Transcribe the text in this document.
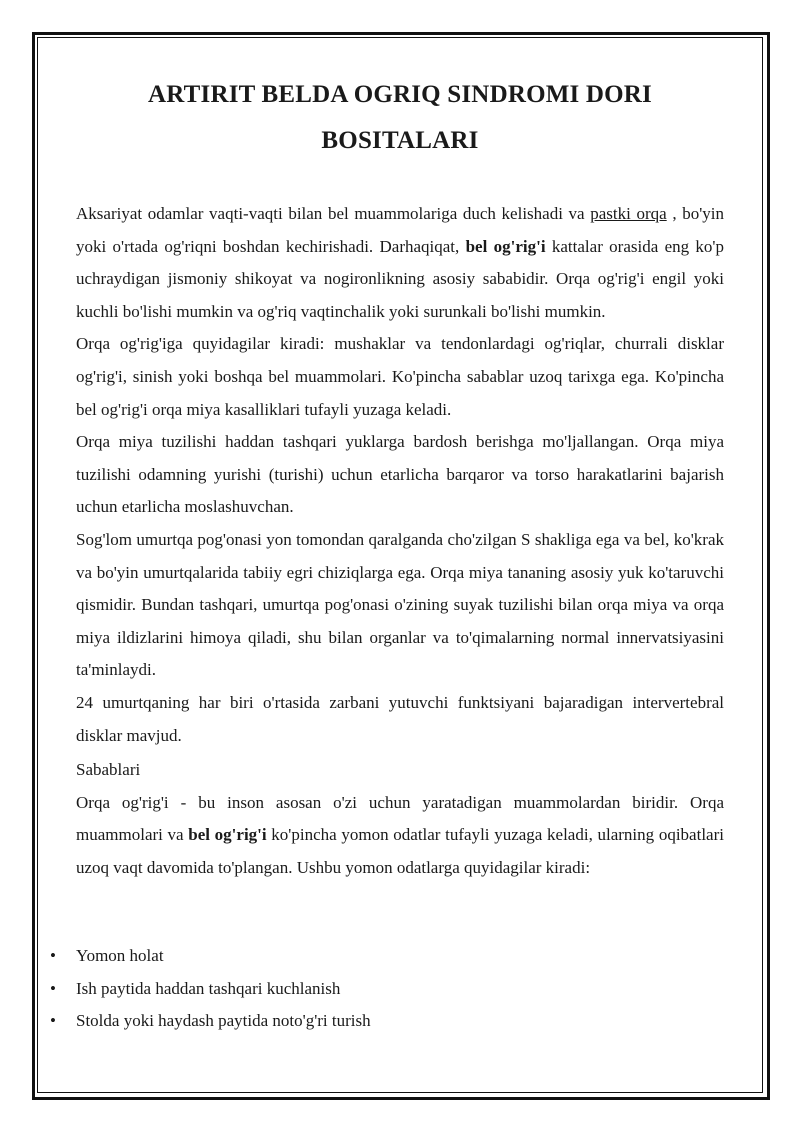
ARTIRIT BELDA OGRIQ SINDROMI DORI BOSITALARI

Aksariyat odamlar vaqti-vaqti bilan bel muammolariga duch kelishadi va pastki orqa , bo'yin yoki o'rtada og'riqni boshdan kechirishadi. Darhaqiqat, bel og'rig'i kattalar orasida eng ko'p uchraydigan jismoniy shikoyat va nogironlikning asosiy sababidir. Orqa og'rig'i engil yoki kuchli bo'lishi mumkin va og'riq vaqtinchalik yoki surunkali bo'lishi mumkin.

Orqa og'rig'iga quyidagilar kiradi: mushaklar va tendonlardagi og'riqlar, churrali disklar og'rig'i, sinish yoki boshqa bel muammolari. Ko'pincha sabablar uzoq tarixga ega. Ko'pincha bel og'rig'i orqa miya kasalliklari tufayli yuzaga keladi.

Orqa miya tuzilishi haddan tashqari yuklarga bardosh berishga mo'ljallangan. Orqa miya tuzilishi odamning yurishi (turishi) uchun etarlicha barqaror va torso harakatlarini bajarish uchun etarlicha moslashuvchan.

Sog'lom umurtqa pog'onasi yon tomondan qaralganda cho'zilgan S shakliga ega va bel, ko'krak va bo'yin umurtqalarida tabiiy egri chiziqlarga ega. Orqa miya tananing asosiy yuk ko'taruvchi qismidir. Bundan tashqari, umurtqa pog'onasi o'zining suyak tuzilishi bilan orqa miya va orqa miya ildizlarini himoya qiladi, shu bilan organlar va to'qimalarning normal innervatsiyasini ta'minlaydi.

24 umurtqaning har biri o'rtasida zarbani yutuvchi funktsiyani bajaradigan intervertebral disklar mavjud.

Sabablari

Orqa og'rig'i - bu inson asosan o'zi uchun yaratadigan muammolardan biridir. Orqa muammolari va bel og'rig'i ko'pincha yomon odatlar tufayli yuzaga keladi, ularning oqibatlari uzoq vaqt davomida to'plangan. Ushbu yomon odatlarga quyidagilar kiradi:

• Yomon holat
• Ish paytida haddan tashqari kuchlanish
• Stolda yoki haydash paytida noto'g'ri turish
